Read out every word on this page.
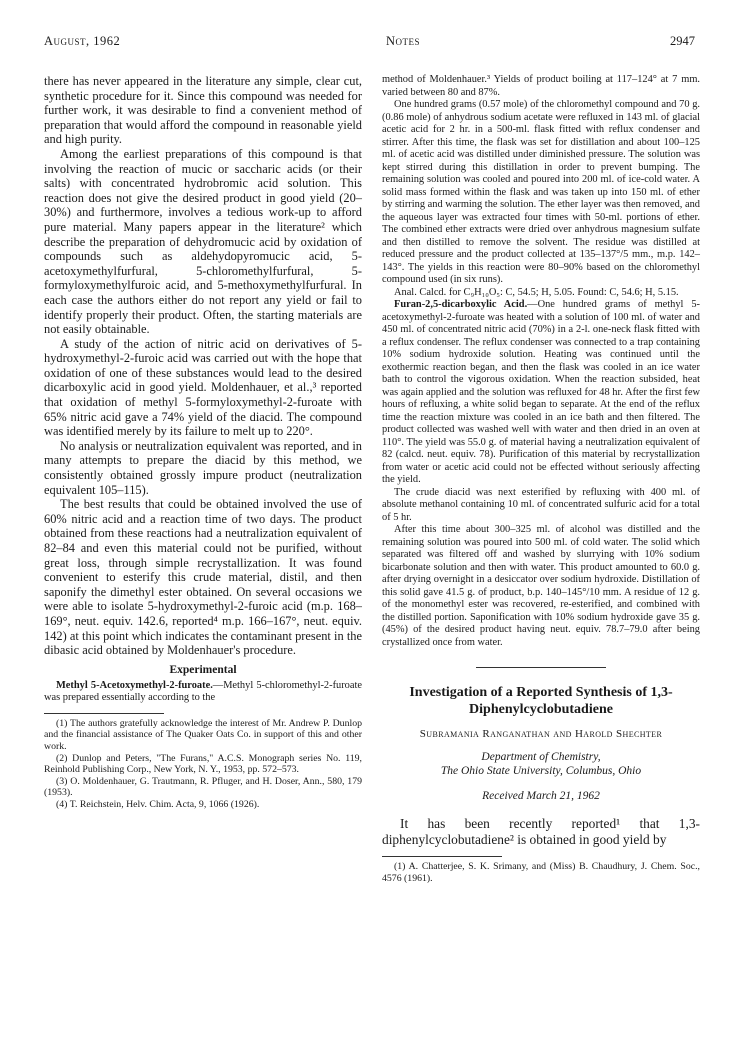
August, 1962	Notes	2947

there has never appeared in the literature any simple, clear cut, synthetic procedure for it. Since this compound was needed for further work, it was desirable to find a convenient method of preparation that would afford the compound in reasonable yield and high purity.

Among the earliest preparations of this compound is that involving the reaction of mucic or saccharic acids (or their salts) with concentrated hydrobromic acid solution. This reaction does not give the desired product in good yield (20–30%) and furthermore, involves a tedious work-up to afford pure material. Many papers appear in the literature² which describe the preparation of dehydromucic acid by oxidation of compounds such as aldehydopyromucic acid, 5-acetoxymethylfurfural, 5-chloromethylfurfural, 5-formyloxymethylfuroic acid, and 5-methoxymethylfurfural. In each case the authors either do not report any yield or fail to identify properly their product. Often, the starting materials are not easily obtainable.

A study of the action of nitric acid on derivatives of 5-hydroxymethyl-2-furoic acid was carried out with the hope that oxidation of one of these substances would lead to the desired dicarboxylic acid in good yield. Moldenhauer, et al.,³ reported that oxidation of methyl 5-formyloxymethyl-2-furoate with 65% nitric acid gave a 74% yield of the diacid. The compound was identified merely by its failure to melt up to 220°.

No analysis or neutralization equivalent was reported, and in many attempts to prepare the diacid by this method, we consistently obtained grossly impure product (neutralization equivalent 105–115).

The best results that could be obtained involved the use of 60% nitric acid and a reaction time of two days. The product obtained from these reactions had a neutralization equivalent of 82–84 and even this material could not be purified, without great loss, through simple recrystallization. It was found convenient to esterify this crude material, distil, and then saponify the dimethyl ester obtained. On several occasions we were able to isolate 5-hydroxymethyl-2-furoic acid (m.p. 168–169°, neut. equiv. 142.6, reported⁴ m.p. 166–167°, neut. equiv. 142) at this point which indicates the contaminant present in the dibasic acid obtained by Moldenhauer's procedure.

Experimental

Methyl 5-Acetoxymethyl-2-furoate.—Methyl 5-chloromethyl-2-furoate was prepared essentially according to the

(1) The authors gratefully acknowledge the interest of Mr. Andrew P. Dunlop and the financial assistance of The Quaker Oats Co. in support of this and other work.

(2) Dunlop and Peters, "The Furans," A.C.S. Monograph series No. 119, Reinhold Publishing Corp., New York, N. Y., 1953, pp. 572–573.

(3) O. Moldenhauer, G. Trautmann, R. Pfluger, and H. Doser, Ann., 580, 179 (1953).

(4) T. Reichstein, Helv. Chim. Acta, 9, 1066 (1926).

method of Moldenhauer.³ Yields of product boiling at 117–124° at 7 mm. varied between 80 and 87%.

One hundred grams (0.57 mole) of the chloromethyl compound and 70 g. (0.86 mole) of anhydrous sodium acetate were refluxed in 143 ml. of glacial acetic acid for 2 hr. in a 500-ml. flask fitted with reflux condenser and stirrer. After this time, the flask was set for distillation and about 100–125 ml. of acetic acid was distilled under diminished pressure. The solution was kept stirred during this distillation in order to prevent bumping. The remaining solution was cooled and poured into 200 ml. of ice-cold water. A solid mass formed within the flask and was taken up into 150 ml. of ether by stirring and warming the solution. The ether layer was then removed, and the aqueous layer was extracted four times with 50-ml. portions of ether. The combined ether extracts were dried over anhydrous magnesium sulfate and then distilled to remove the solvent. The residue was distilled at reduced pressure and the product collected at 135–137°/5 mm., m.p. 142–143°. The yields in this reaction were 80–90% based on the chloromethyl compound used (in six runs).

Anal. Calcd. for C₉H₁₀O₅: C, 54.5; H, 5.05. Found: C, 54.6; H, 5.15.

Furan-2,5-dicarboxylic Acid.—One hundred grams of methyl 5-acetoxymethyl-2-furoate was heated with a solution of 100 ml. of water and 450 ml. of concentrated nitric acid (70%) in a 2-l. one-neck flask fitted with a reflux condenser. The reflux condenser was connected to a trap containing 10% sodium hydroxide solution. Heating was continued until the exothermic reaction began, and then the flask was cooled in an ice water bath to control the vigorous oxidation. When the reaction subsided, heat was again applied and the solution was refluxed for 48 hr. After the first few hours of refluxing, a white solid began to separate. At the end of the reflux time the reaction mixture was cooled in an ice bath and then filtered. The product collected was washed well with water and then dried in an oven at 110°. The yield was 55.0 g. of material having a neutralization equivalent of 82 (calcd. neut. equiv. 78). Purification of this material by recrystallization from water or acetic acid could not be effected without seriously affecting the yield.

The crude diacid was next esterified by refluxing with 400 ml. of absolute methanol containing 10 ml. of concentrated sulfuric acid for a total of 5 hr.

After this time about 300–325 ml. of alcohol was distilled and the remaining solution was poured into 500 ml. of cold water. The solid which separated was filtered off and washed by slurrying with 10% sodium bicarbonate solution and then with water. This product amounted to 60.0 g. after drying overnight in a desiccator over sodium hydroxide. Distillation of this solid gave 41.5 g. of product, b.p. 140–145°/10 mm. A residue of 12 g. of the monomethyl ester was recovered, re-esterified, and combined with the distilled portion. Saponification with 10% sodium hydroxide gave 35 g. (45%) of the desired product having neut. equiv. 78.7–79.0 after being crystallized once from water.

Investigation of a Reported Synthesis of 1,3-Diphenylcyclobutadiene

Subramania Ranganathan and Harold Shechter

Department of Chemistry,

The Ohio State University, Columbus, Ohio

Received March 21, 1962

It has been recently reported¹ that 1,3-diphenylcyclobutadiene² is obtained in good yield by

(1) A. Chatterjee, S. K. Srimany, and (Miss) B. Chaudhury, J. Chem. Soc., 4576 (1961).
